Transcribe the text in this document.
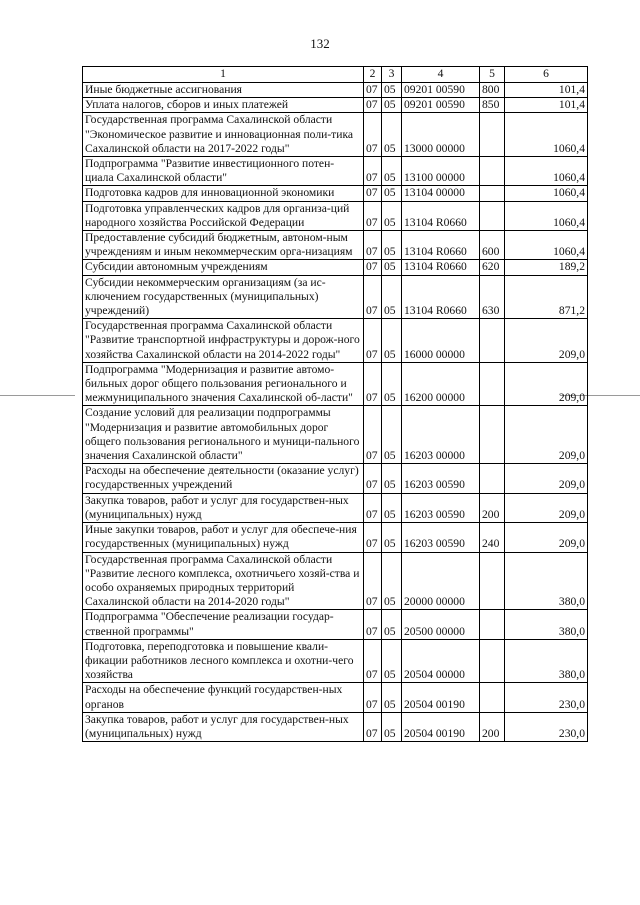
132
1	2	3	4	5	6
Иные бюджетные ассигнования	07	05	09201 00590	800	101,4
Уплата налогов, сборов и иных платежей	07	05	09201 00590	850	101,4
Государственная программа Сахалинской области "Экономическое развитие и инновационная поли-тика Сахалинской области на 2017-2022 годы"	07	05	13000 00000		1060,4
Подпрограмма "Развитие инвестиционного потен-циала Сахалинской области"	07	05	13100 00000		1060,4
Подготовка кадров для инновационной экономики	07	05	13104 00000		1060,4
Подготовка управленческих кадров для организа-ций народного хозяйства Российской Федерации	07	05	13104 R0660		1060,4
Предоставление субсидий бюджетным, автоном-ным учреждениям и иным некоммерческим орга-низациям	07	05	13104 R0660	600	1060,4
Субсидии автономным учреждениям	07	05	13104 R0660	620	189,2
Субсидии некоммерческим организациям (за ис-ключением государственных (муниципальных) учреждений)	07	05	13104 R0660	630	871,2
Государственная программа Сахалинской области "Развитие транспортной инфраструктуры и дорож-ного хозяйства Сахалинской области на 2014-2022 годы"	07	05	16000 00000		209,0
Подпрограмма "Модернизация и развитие автомо-бильных дорог общего пользования регионального и межмуниципального значения Сахалинской об-ласти"	07	05	16200 00000		209,0
Создание условий для реализации подпрограммы "Модернизация и развитие автомобильных дорог общего пользования регионального и муници-пального значения Сахалинской области"	07	05	16203 00000		209,0
Расходы на обеспечение деятельности (оказание услуг) государственных учреждений	07	05	16203 00590		209,0
Закупка товаров, работ и услуг для государствен-ных (муниципальных) нужд	07	05	16203 00590	200	209,0
Иные закупки товаров, работ и услуг для обеспече-ния государственных (муниципальных) нужд	07	05	16203 00590	240	209,0
Государственная программа Сахалинской области "Развитие лесного комплекса, охотничьего хозяй-ства и особо охраняемых природных территорий Сахалинской области на 2014-2020 годы"	07	05	20000 00000		380,0
Подпрограмма "Обеспечение реализации государ-ственной программы"	07	05	20500 00000		380,0
Подготовка, переподготовка и повышение квали-фикации работников лесного комплекса и охотни-чего хозяйства	07	05	20504 00000		380,0
Расходы на обеспечение функций государствен-ных органов	07	05	20504 00190		230,0
Закупка товаров, работ и услуг для государствен-ных (муниципальных) нужд	07	05	20504 00190	200	230,0
